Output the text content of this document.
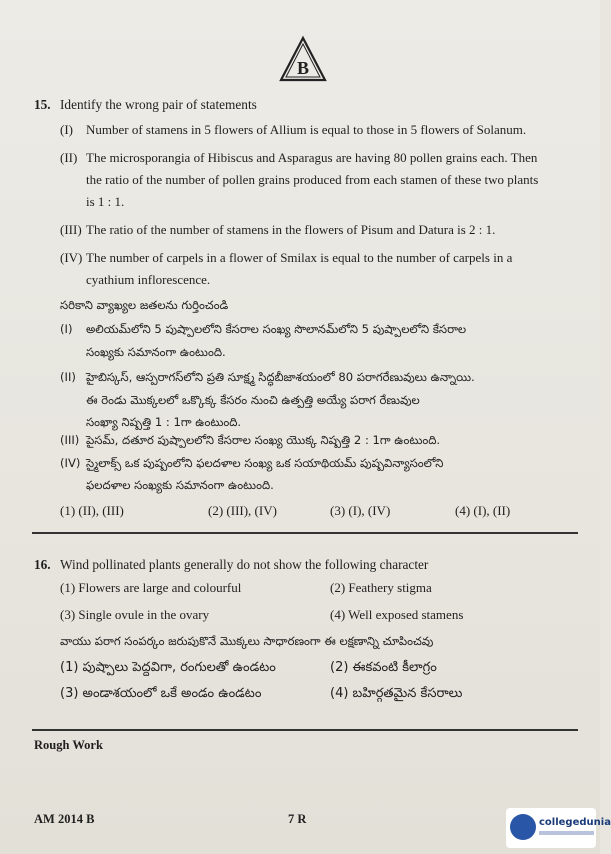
B
15. Identify the wrong pair of statements
(I) Number of stamens in 5 flowers of Allium is equal to those in 5 flowers of Solanum.
(II) The microsporangia of Hibiscus and Asparagus are having 80 pollen grains each. Then
the ratio of the number of pollen grains produced from each stamen of these two plants
is 1 : 1.
(III) The ratio of the number of stamens in the flowers of Pisum and Datura is 2 : 1.
(IV) The number of carpels in a flower of Smilax is equal to the number of carpels in a
cyathium inflorescence.
సరికాని వ్యాఖ్యల జతలను గుర్తించండి
(I) అలియమ్‌లోని 5 పుష్పాలలోని కేసరాల సంఖ్య సొలానమ్‌లోని 5 పుష్పాలలోని కేసరాల
సంఖ్యకు సమానంగా ఉంటుంది.
(II) హైబిస్కస్, ఆస్పరాగస్‌లోని ప్రతి సూక్ష్మ సిద్ధబీజాశయంలో 80 పరాగరేణువులు ఉన్నాయి.
ఈ రెండు మొక్కలలో ఒక్కొక్క కేసరం నుంచి ఉత్పత్తి అయ్యే పరాగ రేణువుల
సంఖ్యా నిష్పత్తి 1 : 1గా ఉంటుంది.
(III) పైసమ్, దతూర పుష్పాలలోని కేసరాల సంఖ్య యొక్క నిష్పత్తి 2 : 1గా ఉంటుంది.
(IV) స్మైలాక్స్ ఒక పుష్పంలోని ఫలదళాల సంఖ్య ఒక సయాథియమ్ పుష్పవిన్యాసంలోని
ఫలదళాల సంఖ్యకు సమానంగా ఉంటుంది.
(1) (II), (III)	(2) (III), (IV)	(3) (I), (IV)	(4) (I), (II)
16. Wind pollinated plants generally do not show the following character
(1) Flowers are large and colourful	(2) Feathery stigma
(3) Single ovule in the ovary	(4) Well exposed stamens
వాయు పరాగ సంపర్కం జరుపుకొనే మొక్కలు సాధారణంగా ఈ లక్షణాన్ని చూపించవు
(1) పుష్పాలు పెద్దవిగా, రంగులతో ఉండటం	(2) ఈకవంటి కీలాగ్రం
(3) అండాశయంలో ఒకే అండం ఉండటం	(4) బహిర్గతమైన కేసరాలు
Rough Work
AM 2014 B	7 R	collegedunia
